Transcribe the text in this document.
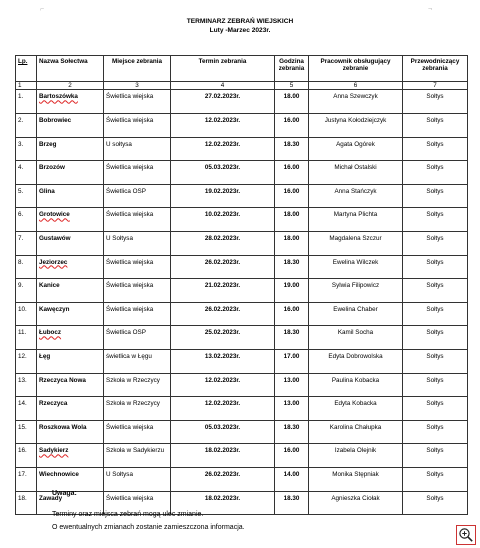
⌐	¬
TERMINARZ ZEBRAŃ WIEJSKICH
Luty -Marzec 2023r.
Lp.	Nazwa Sołectwa	Miejsce zebrania	Termin zebrania	Godzina zebrania	Pracownik obsługujący zebranie	Przewodniczący zebrania
1	2	3	4	5	6	7
1.	Bartoszówka	Świetlica wiejska	27.02.2023r.	18.00	Anna Szewczyk	Sołtys
2.	Bobrowiec	Świetlica wiejska	12.02.2023r.	16.00	Justyna Kołodziejczyk	Sołtys
3.	Brzeg	U sołtysa	12.02.2023r.	18.30	Agata Ogórek	Sołtys
4.	Brzozów	Świetlica wiejska	05.03.2023r.	16.00	Michał Ostalski	Sołtys
5.	Glina	Świetlica OSP	19.02.2023r.	16.00	Anna Stańczyk	Sołtys
6.	Grotowice	Świetlica wiejska	10.02.2023r.	18.00	Martyna Plichta	Sołtys
7.	Gustawów	U Sołtysa	28.02.2023r.	18.00	Magdalena Szczur	Sołtys
8.	Jeziorzec	Świetlica wiejska	26.02.2023r.	18.30	Ewelina Wilczek	Sołtys
9.	Kanice	Świetlica wiejska	21.02.2023r.	19.00	Sylwia Filipowicz	Sołtys
10.	Kawęczyn	Świetlica wiejska	26.02.2023r.	16.00	Ewelina Chaber	Sołtys
11.	Łubocz	Świetlica OSP	25.02.2023r.	18.30	Kamil Socha	Sołtys
12.	Łęg	świetlica w Łęgu	13.02.2023r.	17.00	Edyta Dobrowolska	Sołtys
13.	Rzeczyca Nowa	Szkoła w Rzeczycy	12.02.2023r.	13.00	Paulina Kobacka	Sołtys
14.	Rzeczyca	Szkoła w Rzeczycy	12.02.2023r.	13.00	Edyta Kobacka	Sołtys
15.	Roszkowa Wola	Świetlica wiejska	05.03.2023r.	18.30	Karolina Chałupka	Sołtys
16.	Sadykierz	Szkoła w Sadykierzu	18.02.2023r.	16.00	Izabela Olejnik	Sołtys
17.	Wiechnowice	U Sołtysa	26.02.2023r.	14.00	Monika Stępniak	Sołtys
18.	Zawady	Świetlica wiejska	18.02.2023r.	18.30	Agnieszka Ciołak	Sołtys
Uwaga:
Terminy oraz miejsca zebrań mogą ulec zmianie.
O ewentualnych zmianach zostanie zamieszczona informacja.
